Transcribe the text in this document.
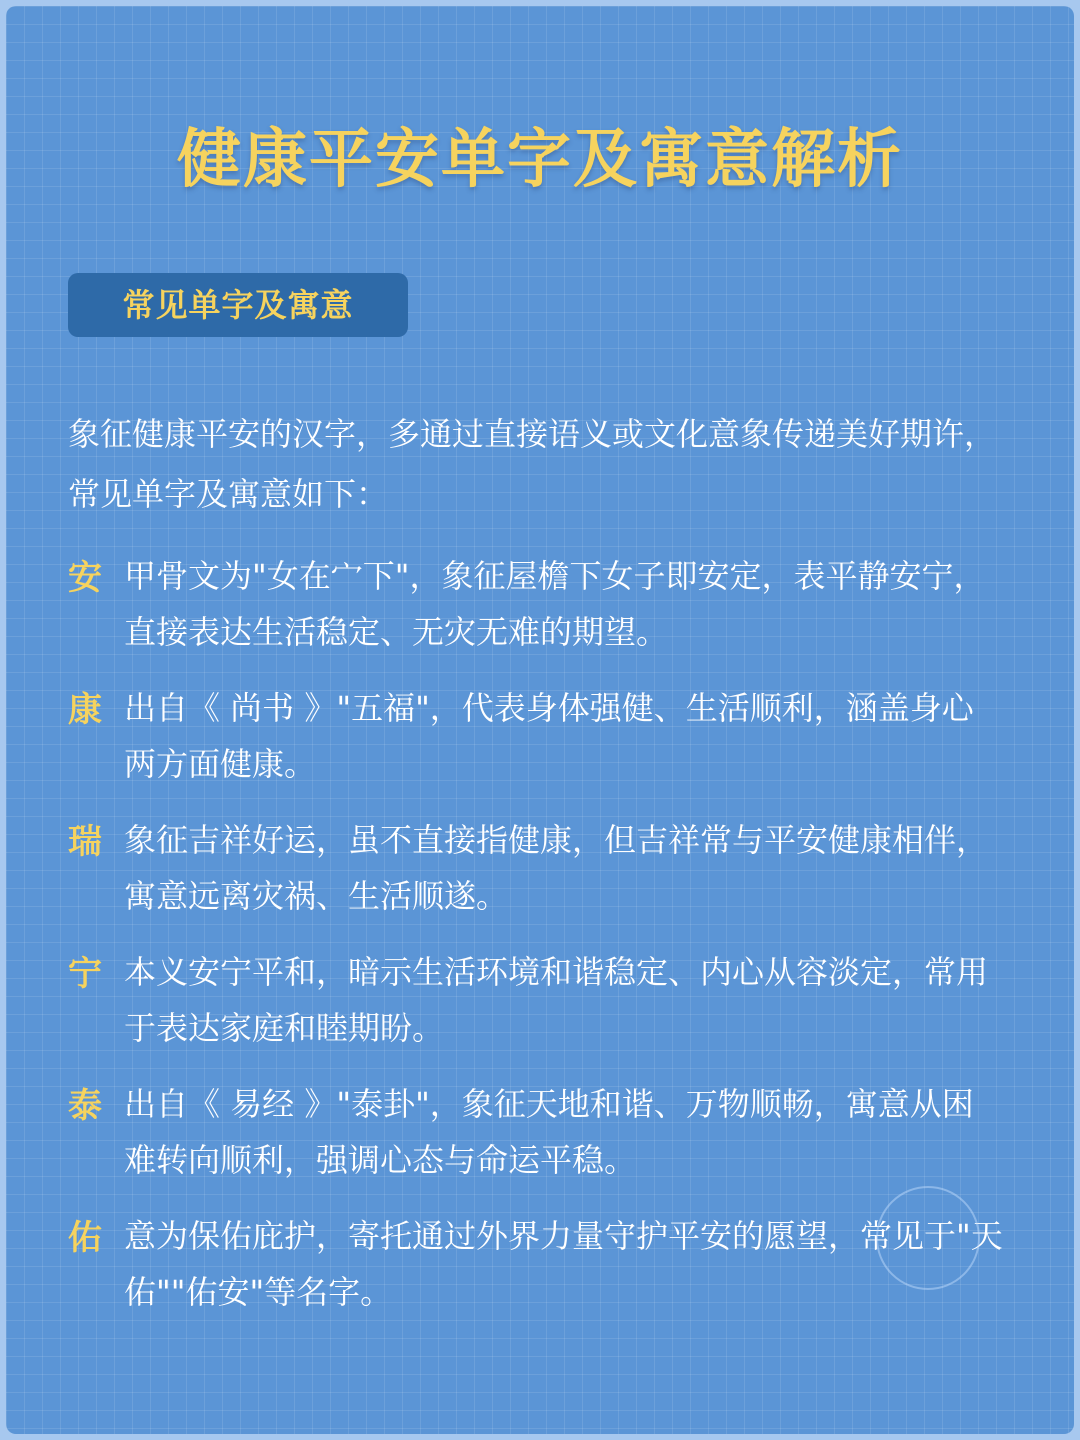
健康平安单字及寓意解析
常见单字及寓意
象征健康平安的汉字，多通过直接语义或文化意象传递美好期许，常见单字及寓意如下：
安 甲骨文为"女在宀下"，象征屋檐下女子即安定，表平静安宁，直接表达生活稳定、无灾无难的期望。
康 出自《 尚书 》"五福"，代表身体强健、生活顺利，涵盖身心两方面健康。
瑞 象征吉祥好运，虽不直接指健康，但吉祥常与平安健康相伴，寓意远离灾祸、生活顺遂。
宁 本义安宁平和，暗示生活环境和谐稳定、内心从容淡定，常用于表达家庭和睦期盼。
泰 出自《 易经 》"泰卦"，象征天地和谐、万物顺畅，寓意从困难转向顺利，强调心态与命运平稳。
佑 意为保佑庇护，寄托通过外界力量守护平安的愿望，常见于"天佑""佑安"等名字。
